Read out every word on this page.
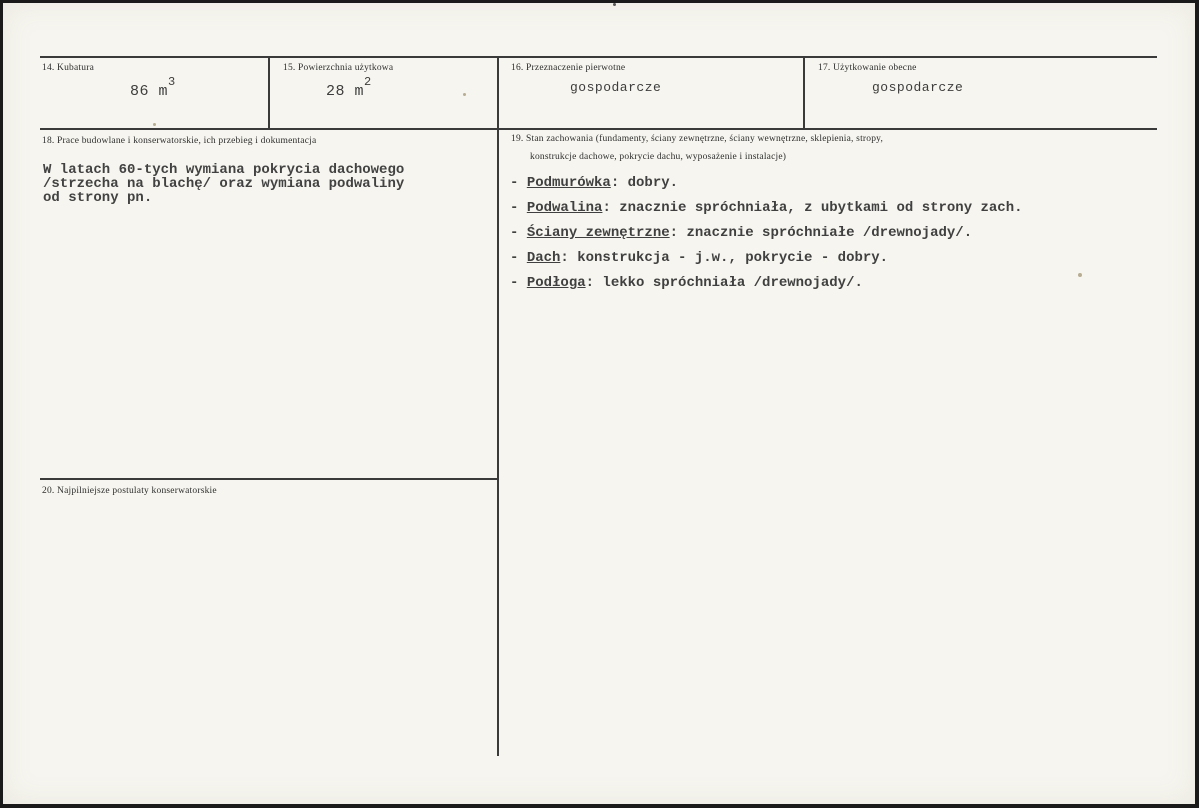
14. Kubatura
86 $m^3$
15. Powierzchnia użytkowa
28 $m^2$
16. Przeznaczenie pierwotne
gospodarcze
17. Użytkowanie obecne
gospodarcze
18. Prace budowlane i konserwatorskie, ich przebieg i dokumentacja
W latach 60-tych wymiana pokrycia dachowego
/strzecha na blachę/ oraz wymiana podwaliny
od strony pn.
19. Stan zachowania (fundamenty, ściany zewnętrzne, ściany wewnętrzne, sklepienia, stropy,
konstrukcje dachowe, pokrycie dachu, wyposażenie i instalacje)
- Podmurówka: dobry.
- Podwalina: znacznie spróchniała, z ubytkami od strony zach.
- Ściany zewnętrzne: znacznie spróchniałe /drewnojady/.
- Dach: konstrukcja - j.w., pokrycie - dobry.
- Podłoga: lekko spróchniała /drewnojady/.
20. Najpilniejsze postulaty konserwatorskie
